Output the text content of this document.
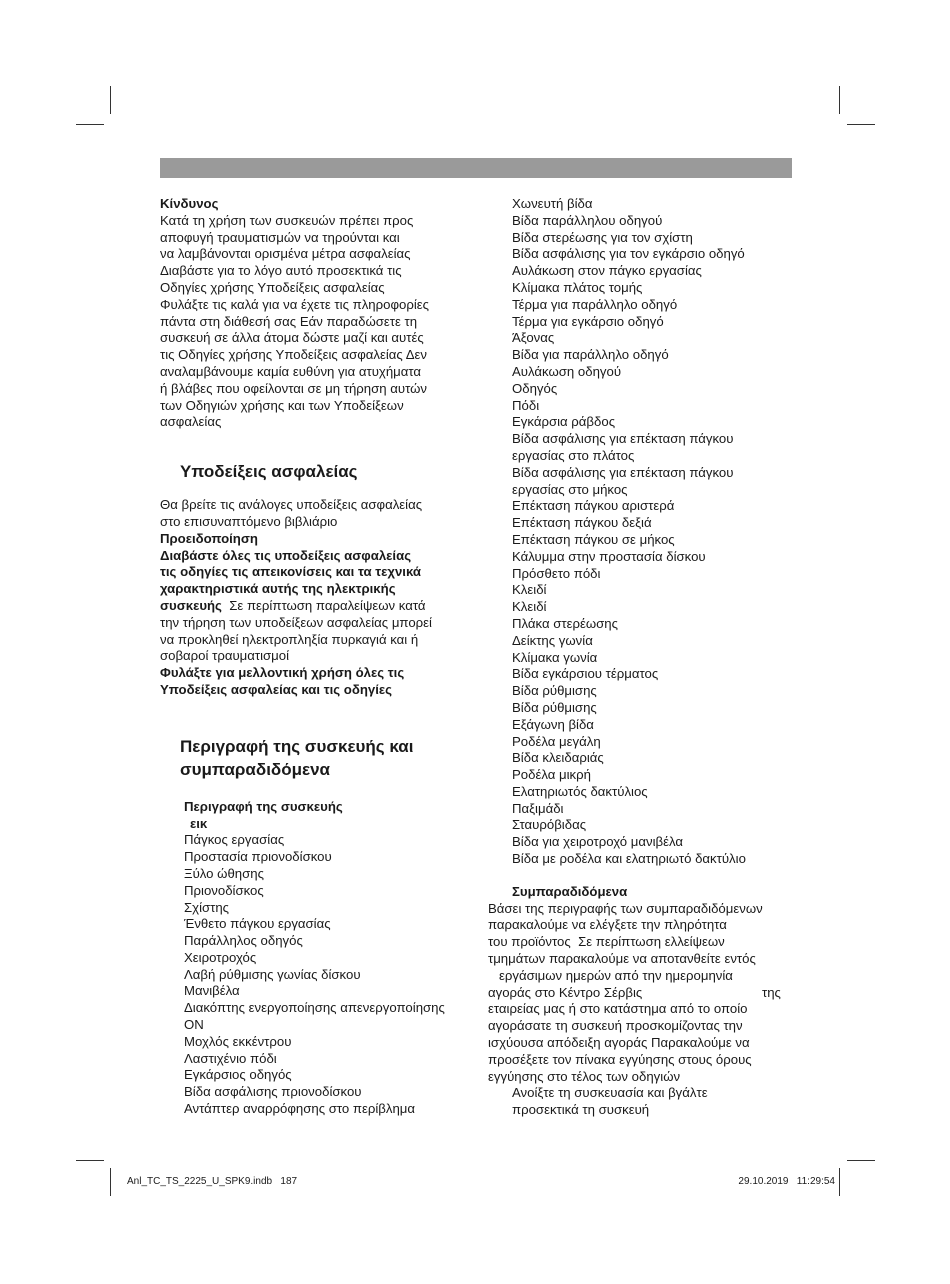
Κίνδυνος
Κατά τη χρήση των συσκευών πρέπει προς
αποφυγή τραυματισμών να τηρούνται και
να λαμβάνονται ορισμένα μέτρα ασφαλείας
Διαβάστε για το λόγο αυτό προσεκτικά τις
Οδηγίες χρήσης Υποδείξεις ασφαλείας
Φυλάξτε τις καλά για να έχετε τις πληροφορίες
πάντα στη διάθεσή σας Εάν παραδώσετε τη
συσκευή σε άλλα άτομα δώστε μαζί και αυτές
τις Οδηγίες χρήσης Υποδείξεις ασφαλείας Δεν
αναλαμβάνουμε καμία ευθύνη για ατυχήματα
ή βλάβες που οφείλονται σε μη τήρηση αυτών
των Οδηγιών χρήσης και των Υποδείξεων
ασφαλείας
Υποδείξεις ασφαλείας
Θα βρείτε τις ανάλογες υποδείξεις ασφαλείας
στο επισυναπτόμενο βιβλιάριο
Προειδοποίηση
Διαβάστε όλες τις υποδείξεις ασφαλείας
τις οδηγίες τις απεικονίσεις και τα τεχνικά
χαρακτηριστικά αυτής της ηλεκτρικής
συσκευής  Σε περίπτωση παραλείψεων κατά
την τήρηση των υποδείξεων ασφαλείας μπορεί
να προκληθεί ηλεκτροπληξία πυρκαγιά και ή
σοβαροί τραυματισμοί
Φυλάξτε για μελλοντική χρήση όλες τις
Υποδείξεις ασφαλείας και τις οδηγίες
Περιγραφή της συσκευής και
συμπαραδιδόμενα
Περιγραφή της συσκευής
εικ
Πάγκος εργασίας
Προστασία πριονοδίσκου
Ξύλο ώθησης
Πριονοδίσκος
Σχίστης
Ένθετο πάγκου εργασίας
Παράλληλος οδηγός
Χειροτροχός
Λαβή ρύθμισης γωνίας δίσκου
Μανιβέλα
Διακόπτης ενεργοποίησης απενεργοποίησης
ON
Μοχλός εκκέντρου
Λαστιχένιο πόδι
Εγκάρσιος οδηγός
Βίδα ασφάλισης πριονοδίσκου
Αντάπτερ αναρρόφησης στο περίβλημα
Χωνευτή βίδα
Βίδα παράλληλου οδηγού
Βίδα στερέωσης για τον σχίστη
Βίδα ασφάλισης για τον εγκάρσιο οδηγό
Αυλάκωση στον πάγκο εργασίας
Κλίμακα πλάτος τομής
Τέρμα για παράλληλο οδηγό
Τέρμα για εγκάρσιο οδηγό
Άξονας
Βίδα για παράλληλο οδηγό
Αυλάκωση οδηγού
Οδηγός
Πόδι
Εγκάρσια ράβδος
Βίδα ασφάλισης για επέκταση πάγκου
εργασίας στο πλάτος
Βίδα ασφάλισης για επέκταση πάγκου
εργασίας στο μήκος
Επέκταση πάγκου αριστερά
Επέκταση πάγκου δεξιά
Επέκταση πάγκου σε μήκος
Κάλυμμα στην προστασία δίσκου
Πρόσθετο πόδι
Κλειδί
Κλειδί
Πλάκα στερέωσης
Δείκτης γωνία
Κλίμακα γωνία
Βίδα εγκάρσιου τέρματος
Βίδα ρύθμισης
Βίδα ρύθμισης
Εξάγωνη βίδα
Ροδέλα μεγάλη
Βίδα κλειδαριάς
Ροδέλα μικρή
Ελατηριωτός δακτύλιος
Παξιμάδι
Σταυρόβιδας
Βίδα για χειροτροχό μανιβέλα
Βίδα με ροδέλα και ελατηριωτό δακτύλιο
Συμπαραδιδόμενα
Βάσει της περιγραφής των συμπαραδιδόμενων
παρακαλούμε να ελέγξετε την πληρότητα
του προϊόντος  Σε περίπτωση ελλείψεων
τμημάτων παρακαλούμε να αποτανθείτε εντός
εργάσιμων ημερών από την ημερομηνία
αγοράς στο Κέντρο Σέρβις	της
εταιρείας μας ή στο κατάστημα από το οποίο
αγοράσατε τη συσκευή προσκομίζοντας την
ισχύουσα απόδειξη αγοράς Παρακαλούμε να
προσέξετε τον πίνακα εγγύησης στους όρους
εγγύησης στο τέλος των οδηγιών
Ανοίξτε τη συσκευασία και βγάλτε
προσεκτικά τη συσκευή
Anl_TC_TS_2225_U_SPK9.indb   187	29.10.2019   11:29:54
